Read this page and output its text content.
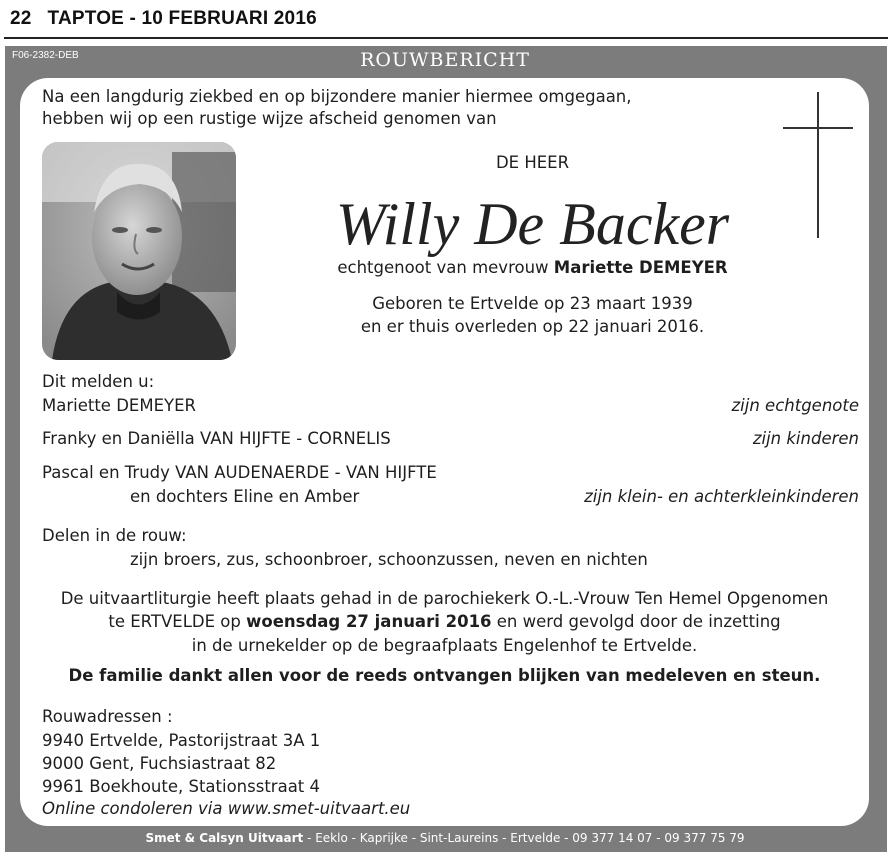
22 TAPTOE - 10 FEBRUARI 2016
F06-2382-DEB	ROUWBERICHT
Na een langdurig ziekbed en op bijzondere manier hiermee omgegaan,
hebben wij op een rustige wijze afscheid genomen van
DE HEER
Willy De Backer
echtgenoot van mevrouw Mariette DEMEYER
Geboren te Ertvelde op 23 maart 1939
en er thuis overleden op 22 januari 2016.
Dit melden u:
Mariette DEMEYER	zijn echtgenote
Franky en Daniëlla VAN HIJFTE - CORNELIS	zijn kinderen
Pascal en Trudy VAN AUDENAERDE - VAN HIJFTE
en dochters Eline en Amber	zijn klein- en achterkleinkinderen
Delen in de rouw:
zijn broers, zus, schoonbroer, schoonzussen, neven en nichten
De uitvaartliturgie heeft plaats gehad in de parochiekerk O.-L.-Vrouw Ten Hemel Opgenomen
te ERTVELDE op woensdag 27 januari 2016 en werd gevolgd door de inzetting
in de urnekelder op de begraafplaats Engelenhof te Ertvelde.
De familie dankt allen voor de reeds ontvangen blijken van medeleven en steun.
Rouwadressen :
9940 Ertvelde, Pastorijstraat 3A 1
9000 Gent, Fuchsiastraat 82
9961 Boekhoute, Stationsstraat 4
Online condoleren via www.smet-uitvaart.eu
Smet & Calsyn Uitvaart - Eeklo - Kaprijke - Sint-Laureins - Ertvelde - 09 377 14 07 - 09 377 75 79
